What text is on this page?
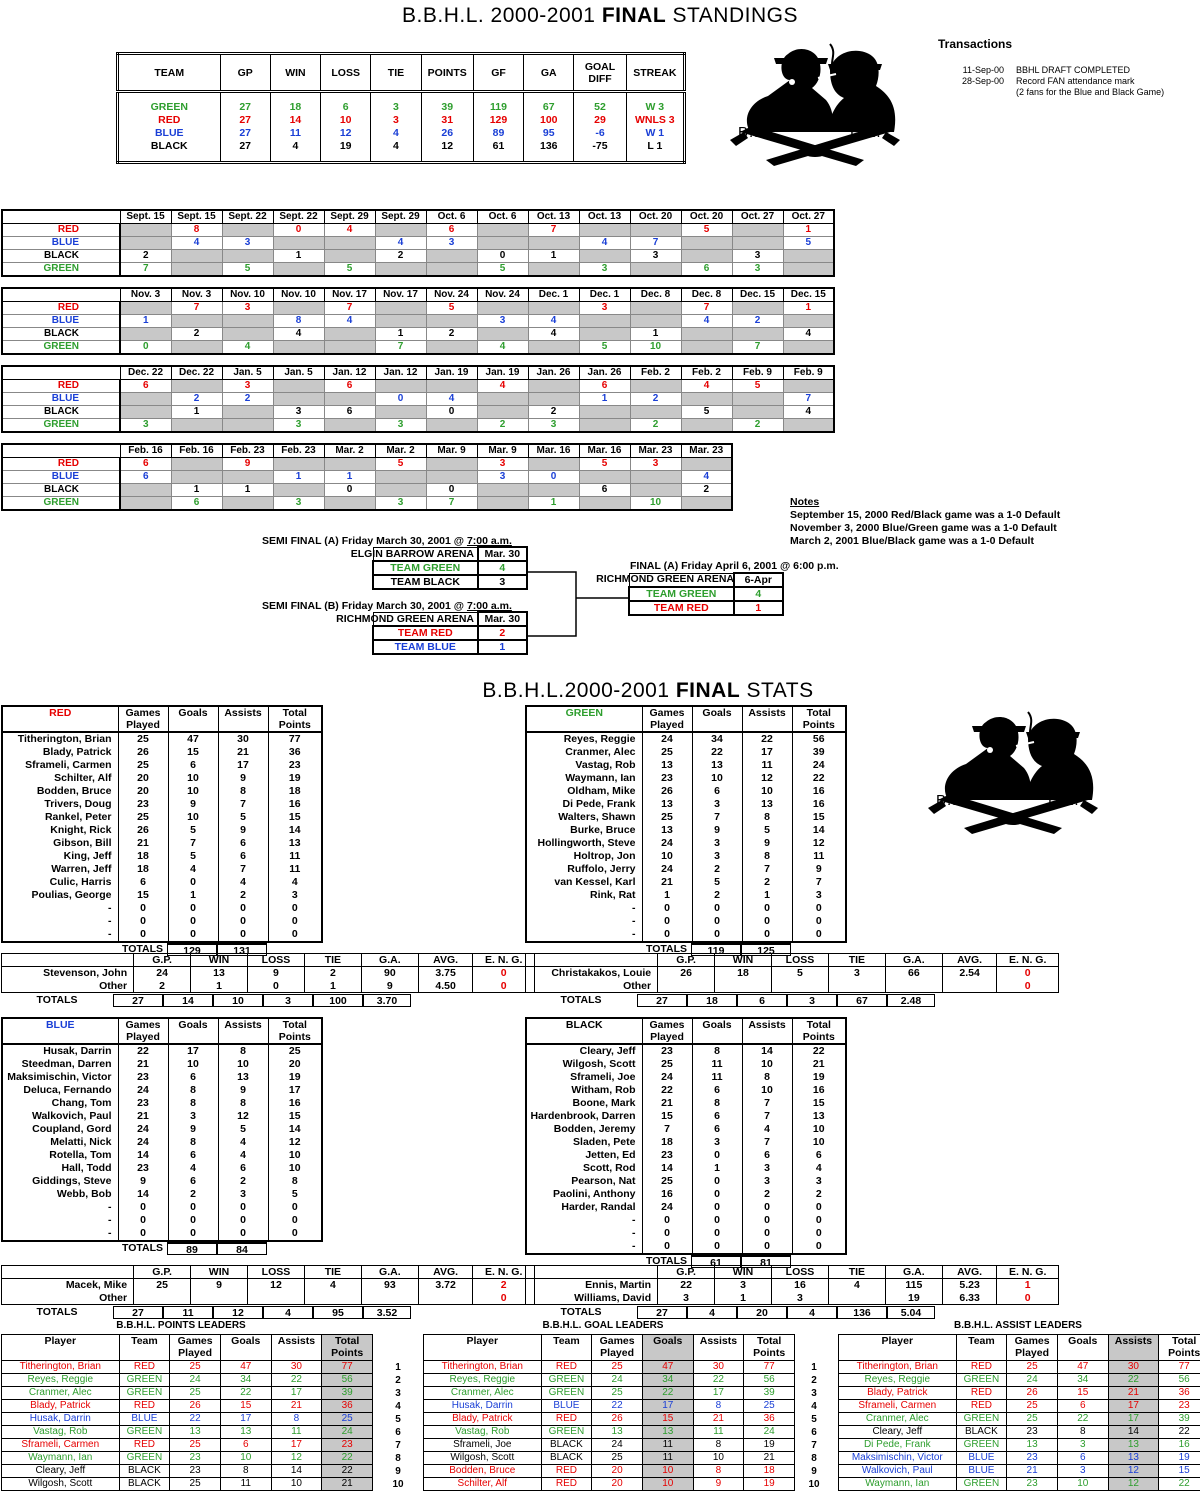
B.B.H.L. 2000-2001 FINAL STANDINGS
B.B.H.L.2000-2001 FINAL STATS
TEAM	GP	WIN	LOSS	TIE	POINTS	GF	GA	GOAL DIFF	STREAK
GREEN	27	18	6	3	39	119	67	52	W 3
RED	27	14	10	3	31	129	100	29	WNLS 3
BLUE	27	11	12	4	26	89	95	-6	W 1
BLACK	27	4	19	4	12	61	136	-75	L 1
Transactions
11-Sep-00 BBHL DRAFT COMPLETED
28-Sep-00 Record FAN attendance mark
(2 fans for the Blue and Black Game)
B.B.	H.L. TM
B.B.	H.L. TM
	Sept. 15	Sept. 15	Sept. 22	Sept. 22	Sept. 29	Sept. 29	Oct. 6	Oct. 6	Oct. 13	Oct. 13	Oct. 20	Oct. 20	Oct. 27	Oct. 27
RED		8		0	4		6		7			5		1
BLUE		4	3			4	3			4	7			5
BLACK	2			1		2		0	1		3		3	
GREEN	7		5		5			5		3		6	3	
	Nov. 3	Nov. 3	Nov. 10	Nov. 10	Nov. 17	Nov. 17	Nov. 24	Nov. 24	Dec. 1	Dec. 1	Dec. 8	Dec. 8	Dec. 15	Dec. 15
RED		7	3		7		5			3		7		1
BLUE	1			8	4			3	4			4	2	
BLACK		2		4		1	2		4		1			4
GREEN	0		4			7		4		5	10		7	
	Dec. 22	Dec. 22	Jan. 5	Jan. 5	Jan. 12	Jan. 12	Jan. 19	Jan. 19	Jan. 26	Jan. 26	Feb. 2	Feb. 2	Feb. 9	Feb. 9
RED	6		3		6			4		6		4	5	
BLUE		2	2			0	4			1	2			7
BLACK		1		3	6		0		2			5		4
GREEN	3			3		3		2	3		2		2	
	Feb. 16	Feb. 16	Feb. 23	Feb. 23	Mar. 2	Mar. 2	Mar. 9	Mar. 9	Mar. 16	Mar. 16	Mar. 23	Mar. 23
RED	6		9			5		3		5	3	
BLUE	6			1	1			3	0			4
BLACK		1	1		0		0			6		2
GREEN		6		3		3	7		1		10		Notes
September 15, 2000 Red/Black game was a 1-0 Default
November 3, 2000 Blue/Green game was a 1-0 Default
March 2, 2001 Blue/Black game was a 1-0 Default
SEMI FINAL (A) Friday March 30, 2001 @ 7:00 a.m.
ELGIN BARROW ARENA
	Mar. 30
TEAM GREEN	4
TEAM BLACK	3
SEMI FINAL (B) Friday March 30, 2001 @ 7:00 a.m.
RICHMOND GREEN ARENA
	Mar. 30
TEAM RED	2
TEAM BLUE	1
FINAL (A) Friday April 6, 2001 @ 6:00 p.m.
RICHMOND GREEN ARENA
	6-Apr
TEAM GREEN	4
TEAM RED	1
RED	Games Played	Goals	Assists	Total Points
Titherington, Brian	25	47	30	77
Blady, Patrick	26	15	21	36
Sframeli, Carmen	25	6	17	23
Schilter, Alf	20	10	9	19
Bodden, Bruce	20	10	8	18
Trivers, Doug	23	9	7	16
Rankel, Peter	25	10	5	15
Knight, Rick	26	5	9	14
Gibson, Bill	21	7	6	13
King, Jeff	18	5	6	11
Warren, Jeff	18	4	7	11
Culic, Harris	6	0	4	4
Poulias, George	15	1	2	3
-	0	0	0	0
-	0	0	0	0
-	0	0	0	0
TOTALS	129	131
GREEN	Games Played	Goals	Assists	Total Points
Reyes, Reggie	24	34	22	56
Cranmer, Alec	25	22	17	39
Vastag, Rob	13	13	11	24
Waymann, Ian	23	10	12	22
Oldham, Mike	26	6	10	16
Di Pede, Frank	13	3	13	16
Walters, Shawn	25	7	8	15
Burke, Bruce	13	9	5	14
Hollingworth, Steve	24	3	9	12
Holtrop, Jon	10	3	8	11
Ruffolo, Jerry	24	2	7	9
van Kessel, Karl	21	5	2	7
Rink, Rat	1	2	1	3
-	0	0	0	0
-	0	0	0	0
-	0	0	0	0
TOTALS	119	125
BLUE	Games Played	Goals	Assists	Total Points
Husak, Darrin	22	17	8	25
Steedman, Darren	21	10	10	20
Maksimischin, Victor	23	6	13	19
Deluca, Fernando	24	8	9	17
Chang, Tom	23	8	8	16
Walkovich, Paul	21	3	12	15
Coupland, Gord	24	9	5	14
Melatti, Nick	24	8	4	12
Rotella, Tom	14	6	4	10
Hall, Todd	23	4	6	10
Giddings, Steve	9	6	2	8
Webb, Bob	14	2	3	5
-	0	0	0	0
-	0	0	0	0
-	0	0	0	0
TOTALS	89	84
BLACK	Games Played	Goals	Assists	Total Points
Cleary, Jeff	23	8	14	22
Wilgosh, Scott	25	11	10	21
Sframeli, Joe	24	11	8	19
Witham, Rob	22	6	10	16
Boone, Mark	21	8	7	15
Hardenbrook, Darren	15	6	7	13
Bodden, Jeremy	7	6	4	10
Sladen, Pete	18	3	7	10
Jetten, Ed	23	0	6	6
Scott, Rod	14	1	3	4
Pearson, Nat	25	0	3	3
Paolini, Anthony	16	0	2	2
Harder, Randal	24	0	0	0
-	0	0	0	0
-	0	0	0	0
-	0	0	0	0
TOTALS	61	81
	G.P.	WIN	LOSS	TIE	G.A.	AVG.	E. N. G.
Stevenson, John	24	13	9	2	90	3.75	0
Other	2	1	0	1	9	4.50	0
TOTALS	27	14	10	3	100	3.70
	G.P.	WIN	LOSS	TIE	G.A.	AVG.	E. N. G.
Christakakos, Louie	26	18	5	3	66	2.54	0
Other							0
TOTALS	27	18	6	3	67	2.48
	G.P.	WIN	LOSS	TIE	G.A.	AVG.	E. N. G.
Macek, Mike	25	9	12	4	93	3.72	2
Other							0
TOTALS	27	11	12	4	95	3.52
	G.P.	WIN	LOSS	TIE	G.A.	AVG.	E. N. G.
Ennis, Martin	22	3	16	4	115	5.23	1
Williams, David	3	1	3		19	6.33	0
TOTALS	27	4	20	4	136	5.04
B.B.H.L. POINTS LEADERS
Player	Team	Games Played	Goals	Assists	Total Points
Titherington, Brian	RED	25	47	30	77
Reyes, Reggie	GREEN	24	34	22	56
Cranmer, Alec	GREEN	25	22	17	39
Blady, Patrick	RED	26	15	21	36
Husak, Darrin	BLUE	22	17	8	25
Vastag, Rob	GREEN	13	13	11	24
Sframeli, Carmen	RED	25	6	17	23
Waymann, Ian	GREEN	23	10	12	22
Cleary, Jeff	BLACK	23	8	14	22
Wilgosh, Scott	BLACK	25	11	10	21
B.B.H.L. GOAL LEADERS
Player	Team	Games Played	Goals	Assists	Total Points
Titherington, Brian	RED	25	47	30	77
Reyes, Reggie	GREEN	24	34	22	56
Cranmer, Alec	GREEN	25	22	17	39
Husak, Darrin	BLUE	22	17	8	25
Blady, Patrick	RED	26	15	21	36
Vastag, Rob	GREEN	13	13	11	24
Sframeli, Joe	BLACK	24	11	8	19
Wilgosh, Scott	BLACK	25	11	10	21
Bodden, Bruce	RED	20	10	8	18
Schilter, Alf	RED	20	10	9	19
B.B.H.L. ASSIST LEADERS
Player	Team	Games Played	Goals	Assists	Total Points
Titherington, Brian	RED	25	47	30	77
Reyes, Reggie	GREEN	24	34	22	56
Blady, Patrick	RED	26	15	21	36
Sframeli, Carmen	RED	25	6	17	23
Cranmer, Alec	GREEN	25	22	17	39
Cleary, Jeff	BLACK	23	8	14	22
Di Pede, Frank	GREEN	13	3	13	16
Maksimischin, Victor	BLUE	23	6	13	19
Walkovich, Paul	BLUE	21	3	12	15
Waymann, Ian	GREEN	23	10	12	22
1	1
2	2
3	3
4	4
5	5
6	6
7	7
8	8
9	9
10	10
